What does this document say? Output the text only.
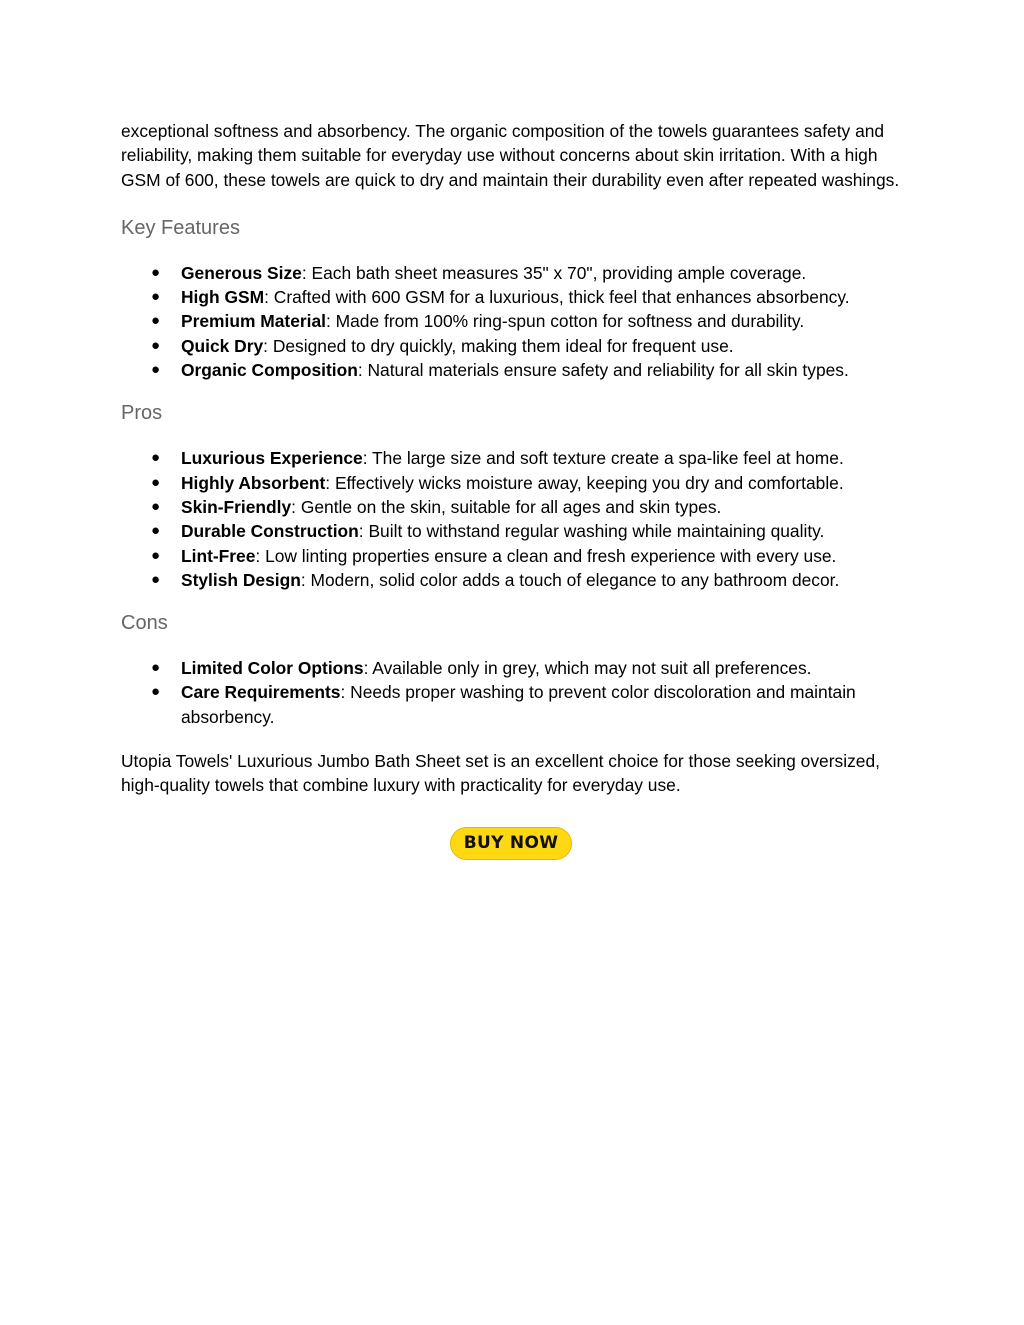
exceptional softness and absorbency. The organic composition of the towels guarantees safety and reliability, making them suitable for everyday use without concerns about skin irritation. With a high GSM of 600, these towels are quick to dry and maintain their durability even after repeated washings.

Key Features
● Generous Size: Each bath sheet measures 35" x 70", providing ample coverage.
● High GSM: Crafted with 600 GSM for a luxurious, thick feel that enhances absorbency.
● Premium Material: Made from 100% ring-spun cotton for softness and durability.
● Quick Dry: Designed to dry quickly, making them ideal for frequent use.
● Organic Composition: Natural materials ensure safety and reliability for all skin types.
Pros
● Luxurious Experience: The large size and soft texture create a spa-like feel at home.
● Highly Absorbent: Effectively wicks moisture away, keeping you dry and comfortable.
● Skin-Friendly: Gentle on the skin, suitable for all ages and skin types.
● Durable Construction: Built to withstand regular washing while maintaining quality.
● Lint-Free: Low linting properties ensure a clean and fresh experience with every use.
● Stylish Design: Modern, solid color adds a touch of elegance to any bathroom decor.
Cons
● Limited Color Options: Available only in grey, which may not suit all preferences.
● Care Requirements: Needs proper washing to prevent color discoloration and maintain absorbency.

Utopia Towels' Luxurious Jumbo Bath Sheet set is an excellent choice for those seeking oversized, high-quality towels that combine luxury with practicality for everyday use.

BUY NOW
